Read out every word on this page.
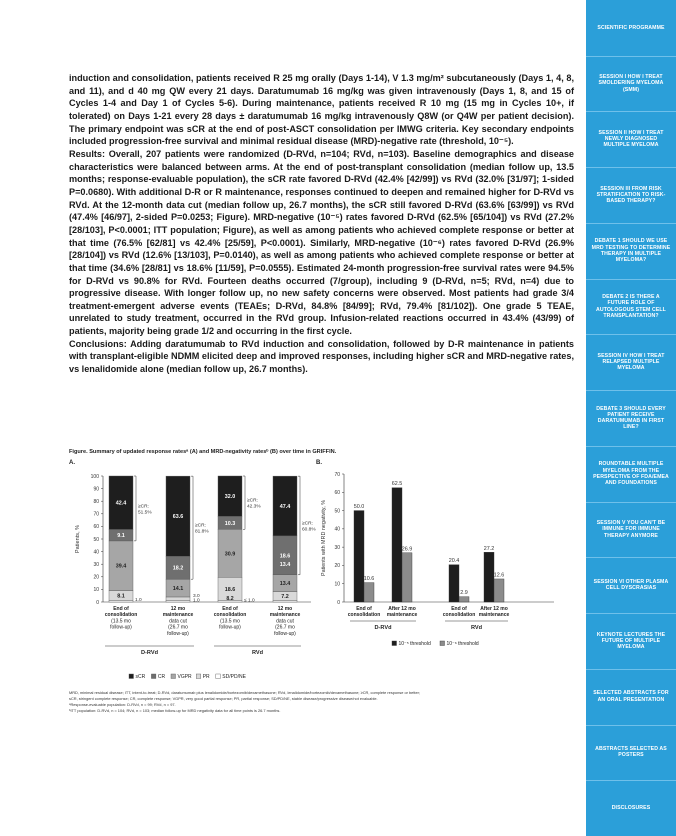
SCIENTIFIC PROGRAMME
SESSION I HOW I TREAT SMOLDERING MYELOMA (SMM)
SESSION II HOW I TREAT NEWLY DIAGNOSED MULTIPLE MYELOMA
SESSION III FROM RISK STRATIFICATION TO RISK-BASED THERAPY?
DEBATE 1 SHOULD WE USE MRD TESTING TO DETERMINE THERAPY IN MULTIPLE MYELOMA?
DEBATE 2 IS THERE A FUTURE ROLE OF AUTOLOGOUS STEM CELL TRANSPLANTATION?
SESSION IV HOW I TREAT RELAPSED MULTIPLE MYELOMA
DEBATE 3 SHOULD EVERY PATIENT RECEIVE DARATUMUMAB IN FIRST LINE?
ROUNDTABLE MULTIPLE MYELOMA FROM THE PERSPECTIVE OF FDA/EMEA AND FOUNDATIONS
SESSION V YOU CAN'T BE IMMUNE FOR IMMUNE THERAPY ANYMORE
SESSION VI OTHER PLASMA CELL DYSCRASIAS
KEYNOTE LECTURES THE FUTURE OF MULTIPLE MYELOMA
SELECTED ABSTRACTS FOR AN ORAL PRESENTATION
ABSTRACTS SELECTED AS POSTERS
DISCLOSURES

induction and consolidation, patients received R 25 mg orally (Days 1-14), V 1.3 mg/m² subcutaneously (Days 1, 4, 8, and 11), and d 40 mg QW every 21 days. Daratumumab 16 mg/kg was given intravenously (Days 1, 8, and 15 of Cycles 1-4 and Day 1 of Cycles 5-6). During maintenance, patients received R 10 mg (15 mg in Cycles 10+, if tolerated) on Days 1-21 every 28 days ± daratumumab 16 mg/kg intravenously Q8W (or Q4W per patient decision). The primary endpoint was sCR at the end of post-ASCT consolidation per IMWG criteria. Key secondary endpoints included progression-free survival and minimal residual disease (MRD)-negative rate (threshold, 10⁻⁵).

Results: Overall, 207 patients were randomized (D-RVd, n=104; RVd, n=103). Baseline demographics and disease characteristics were balanced between arms. At the end of post-transplant consolidation (median follow up, 13.5 months; response-evaluable population), the sCR rate favored D-RVd (42.4% [42/99]) vs RVd (32.0% [31/97]; 1-sided P=0.0680). With additional D-R or R maintenance, responses continued to deepen and remained higher for D-RVd vs RVd. At the 12-month data cut (median follow up, 26.7 months), the sCR still favored D-RVd (63.6% [63/99]) vs RVd (47.4% [46/97], 2-sided P=0.0253; Figure). MRD-negative (10⁻⁵) rates favored D-RVd (62.5% [65/104]) vs RVd (27.2% [28/103], P<0.0001; ITT population; Figure), as well as among patients who achieved complete response or better at that time (76.5% [62/81] vs 42.4% [25/59], P<0.0001). Similarly, MRD-negative (10⁻⁶) rates favored D-RVd (26.9% [28/104]) vs RVd (12.6% [13/103], P=0.0140), as well as among patients who achieved complete response or better at that time (34.6% [28/81] vs 18.6% [11/59], P=0.0555). Estimated 24-month progression-free survival rates were 94.5% for D-RVd vs 90.8% for RVd. Fourteen deaths occurred (7/group), including 9 (D-RVd, n=5; RVd, n=4) due to progressive disease. With longer follow up, no new safety concerns were observed. Most patients had grade 3/4 treatment-emergent adverse events (TEAEs; D-RVd, 84.8% [84/99]; RVd, 79.4% [81/102]). One grade 5 TEAE, unrelated to study treatment, occurred in the RVd group. Infusion-related reactions occurred in 43.4% (43/99) of patients, majority being grade 1/2 and occurring in the first cycle.

Conclusions: Adding daratumumab to RVd induction and consolidation, followed by D-R maintenance in patients with transplant-eligible NDMM elicited deep and improved responses, including higher sCR and MRD-negative rates, vs lenalidomide alone (median follow up, 26.7 months).

Figure. Summary of updated response ratesᵃ (A) and MRD-negativity ratesᵇ (B) over time in GRIFFIN.
A.	B.
0
10
20
30
40
50
60
70
80
90
100
Patients, %
8.1
39.4
9.1
42.4
End of
consolidation
(13.5 mo
follow-up)
≥CR:
51.5%
14.1
18.2
63.6
12 mo
maintenance
data cut
(26.7 mo
follow-up)
≥CR:
81.8%
18.6
10.3
32.0
End of
consolidation
(13.5 mo
follow-up)
≥CR:
42.3%
7.2
13.4
18.6
47.4
12 mo
maintenance
data cut
(26.7 mo
follow-up)
≥CR:
60.8%
1.0
3.0
1.0
30.9
13.4
8.2 ≤ 1.0
D-RVd	RVd
sCR	CR VGPR PR	SD/PD/NE
0
10
20
30
40
50
60
70
Patients with MRD negativity, %	50.0
10.6
End of
consolidation
62.5
26.9
After 12 mo
maintenance
20.4
2.9
End of
consolidation
27.2
12.6
After 12 mo
maintenance
D-RVd	RVd
10⁻⁵ threshold	10⁻⁶ threshold
MRD, minimal residual disease; ITT, intent-to-treat; D-RVd, daratumumab plus lenalidomide/bortezomib/dexamethasone; RVd, lenalidomide/bortezomib/dexamethasone; ≥CR, complete response or better;
sCR, stringent complete response; CR, complete response; VGPR, very good partial response; PR, partial response; SD/PD/NE, stable disease/progressive disease/not evaluable.
ᵃResponse-evaluable population: D-RVd, n = 99; RVd, n = 97.
ᵇITT population: D-RVd, n = 104; RVd, n = 103; median follow-up for MRD negativity data for all time points is 26.7 months.
